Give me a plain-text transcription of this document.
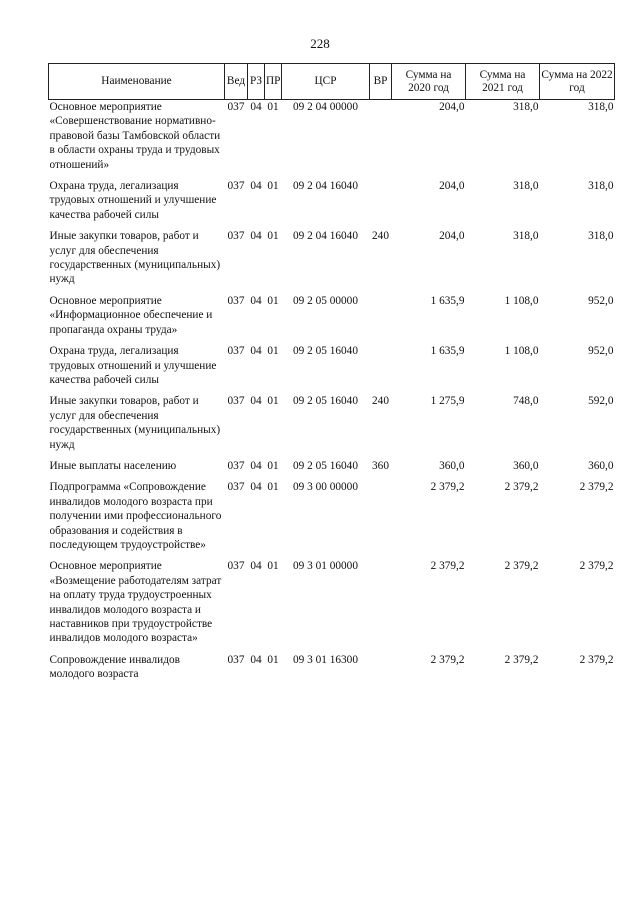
228
Наименование	Вед	РЗ	ПР	ЦСР	ВР	Сумма на 2020 год	Сумма на 2021 год	Сумма на 2022 год
Основное мероприятие «Совершенствование нормативно-правовой базы Тамбовской области в области охраны труда и трудовых отношений»	037	04	01	09 2 04 00000		204,0	318,0	318,0
Охрана труда, легализация трудовых отношений и улучшение качества рабочей силы	037	04	01	09 2 04 16040		204,0	318,0	318,0
Иные закупки товаров, работ и услуг для обеспечения государственных (муниципальных) нужд	037	04	01	09 2 04 16040	240	204,0	318,0	318,0
Основное мероприятие «Информационное обеспечение и пропаганда охраны труда»	037	04	01	09 2 05 00000		1 635,9	1 108,0	952,0
Охрана труда, легализация трудовых отношений и улучшение качества рабочей силы	037	04	01	09 2 05 16040		1 635,9	1 108,0	952,0
Иные закупки товаров, работ и услуг для обеспечения государственных (муниципальных) нужд	037	04	01	09 2 05 16040	240	1 275,9	748,0	592,0
Иные выплаты населению	037	04	01	09 2 05 16040	360	360,0	360,0	360,0
Подпрограмма «Сопровождение инвалидов молодого возраста при получении ими профессионального образования и содействия в последующем трудоустройстве»	037	04	01	09 3 00 00000		2 379,2	2 379,2	2 379,2
Основное мероприятие «Возмещение работодателям затрат на оплату труда трудоустроенных инвалидов молодого возраста и наставников при трудоустройстве инвалидов молодого возраста»	037	04	01	09 3 01 00000		2 379,2	2 379,2	2 379,2
Сопровождение инвалидов молодого возраста	037	04	01	09 3 01 16300		2 379,2	2 379,2	2 379,2
